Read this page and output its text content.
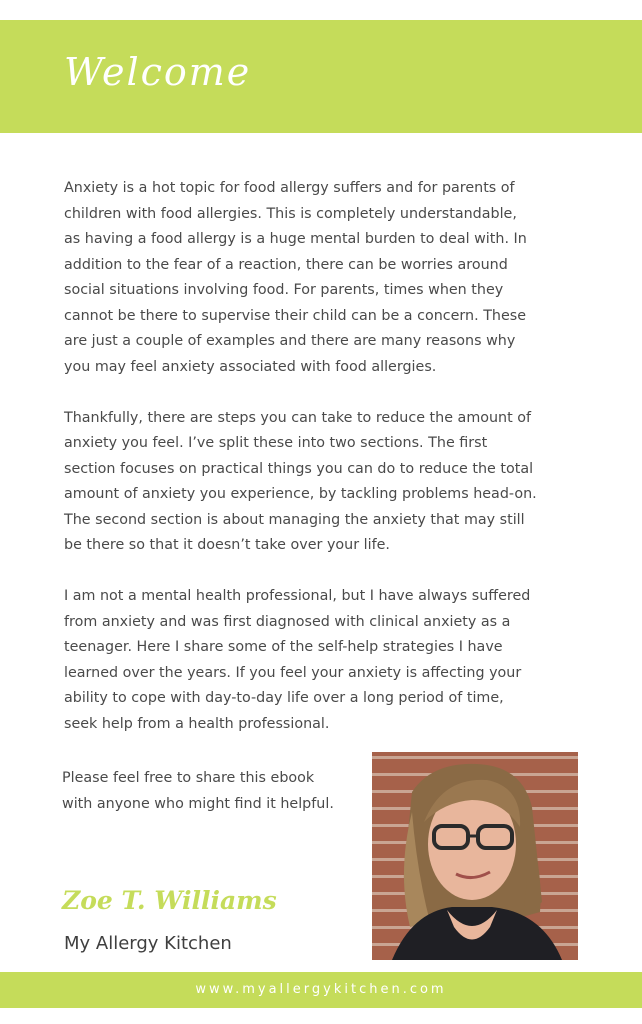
Welcome

Anxiety is a hot topic for food allergy suffers and for parents of
children with food allergies. This is completely understandable,
as having a food allergy is a huge mental burden to deal with. In
addition to the fear of a reaction, there can be worries around
social situations involving food. For parents, times when they
cannot be there to supervise their child can be a concern. These
are just a couple of examples and there are many reasons why
you may feel anxiety associated with food allergies.

Thankfully, there are steps you can take to reduce the amount of
anxiety you feel. I’ve split these into two sections. The first
section focuses on practical things you can do to reduce the total
amount of anxiety you experience, by tackling problems head-on.
The second section is about managing the anxiety that may still
be there so that it doesn’t take over your life.

I am not a mental health professional, but I have always suffered
from anxiety and was first diagnosed with clinical anxiety as a
teenager. Here I share some of the self-help strategies I have
learned over the years. If you feel your anxiety is affecting your
ability to cope with day-to-day life over a long period of time,
seek help from a health professional.

Please feel free to share this ebook
with anyone who might find it helpful.

Zoe T. Williams
My Allergy Kitchen
www.myallergykitchen.com
